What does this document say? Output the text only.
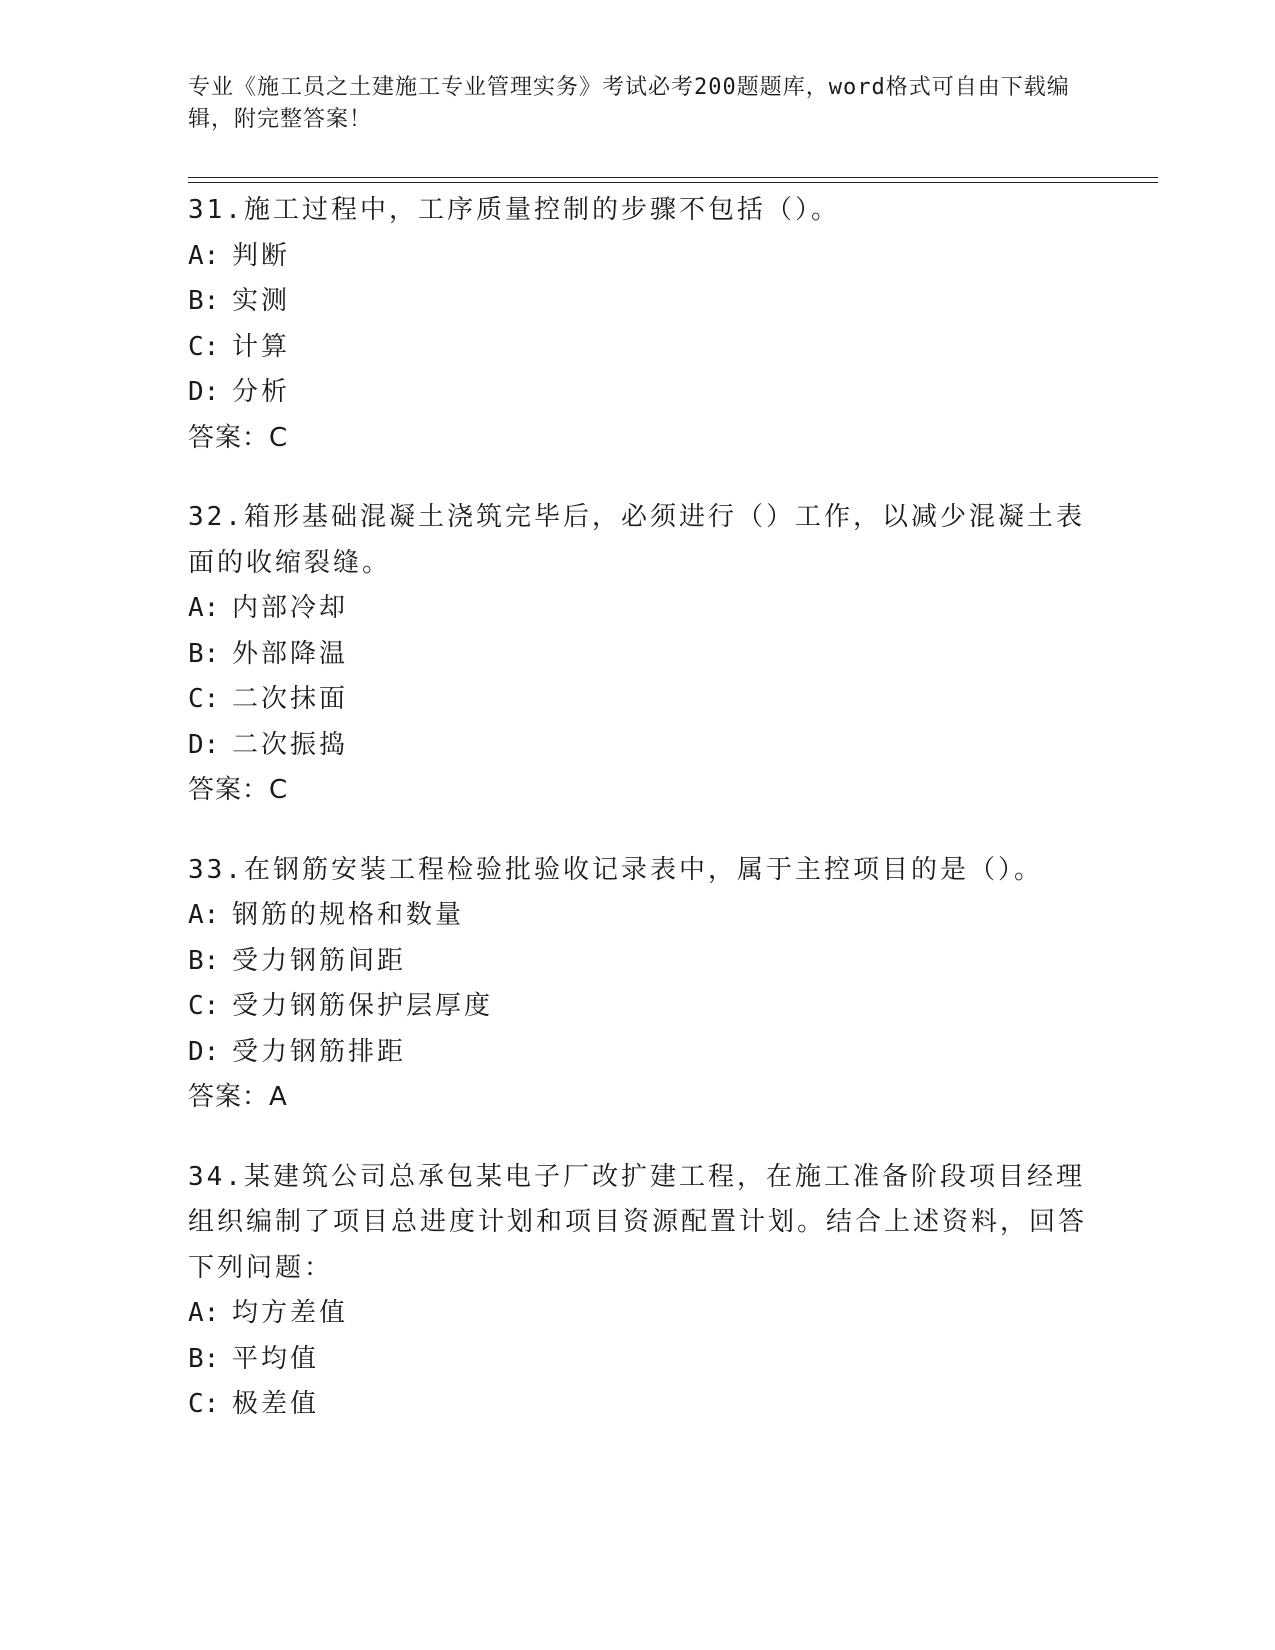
专业《施工员之土建施工专业管理实务》考试必考200题题库，word格式可自由下载编辑，附完整答案！
31.施工过程中，工序质量控制的步骤不包括（）。
A: 判断
B: 实测
C: 计算
D: 分析
答案：C
32.箱形基础混凝土浇筑完毕后，必须进行（）工作，以减少混凝土表面的收缩裂缝。
A: 内部冷却
B: 外部降温
C: 二次抹面
D: 二次振捣
答案：C
33.在钢筋安装工程检验批验收记录表中，属于主控项目的是（）。
A: 钢筋的规格和数量
B: 受力钢筋间距
C: 受力钢筋保护层厚度
D: 受力钢筋排距
答案：A
34.某建筑公司总承包某电子厂改扩建工程，在施工准备阶段项目经理组织编制了项目总进度计划和项目资源配置计划。结合上述资料，回答下列问题：
A: 均方差值
B: 平均值
C: 极差值
